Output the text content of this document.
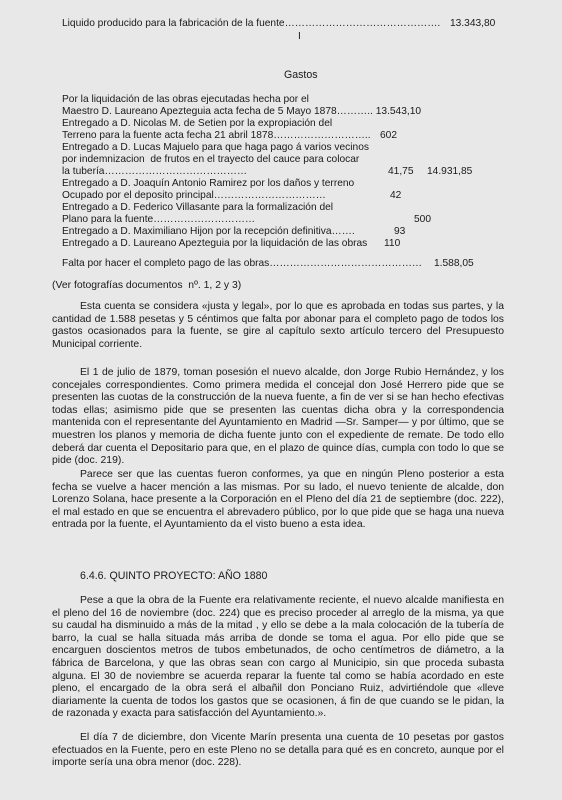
Liquido producido para la fabricación de la fuente………………………………………. 13.343,80
I
Gastos
Por la liquidación de las obras ejecutadas hecha por el
Maestro D. Laureano Apezteguia acta fecha de 5 Mayo 1878……….. 13.543,10
Entregado a D. Nicolas M. de Setien por la expropiación del
Terreno para la fuente acta fecha 21 abril 1878……………………….. 602
Entregado a D. Lucas Majuelo para que haga pago á varios vecinos
por indemnizacion  de frutos en el trayecto del cauce para colocar
la tubería……………………………………	41,75 14.931,85
Entregado a D. Joaquín Antonio Ramirez por los daños y terreno
Ocupado por el deposito principal……………………………	42
Entregado a D. Federico Villasante para la formalización del
Plano para la fuente…………………………	500
Entregado a D. Maximiliano Hijon por la recepción definitiva…….	93
Entregado a D. Laureano Apezteguia por la liquidación de las obras 110
Falta por hacer el completo pago de las obras……………………………………… 1.588,05
(Ver fotografías documentos  nº. 1, 2 y 3)

Esta cuenta se considera «justa y legal», por lo que es aprobada en todas sus partes, y la cantidad de 1.588 pesetas y 5 céntimos que falta por abonar para el completo pago de todos los gastos ocasionados para la fuente, se gire al capítulo sexto artículo tercero del Presupuesto Municipal corriente.

El 1 de julio de 1879, toman posesión el nuevo alcalde, don Jorge Rubio Hernández, y los concejales correspondientes. Como primera medida el concejal don José Herrero pide que se presenten las cuotas de la construcción de la nueva fuente, a fin de ver si se han hecho efectivas todas ellas; asimismo pide que se presenten las cuentas dicha obra y la correspondencia mantenida con el representante del Ayuntamiento en Madrid —Sr. Samper— y por último, que se muestren los planos y memoria de dicha fuente junto con el expediente de remate. De todo ello deberá dar cuenta el Depositario para que, en el plazo de quince días, cumpla con todo lo que se pide (doc. 219).

Parece ser que las cuentas fueron conformes, ya que en ningún Pleno posterior a esta fecha se vuelve a hacer mención a las mismas. Por su lado, el nuevo teniente de alcalde, don Lorenzo Solana, hace presente a la Corporación en el Pleno del día 21 de septiembre (doc. 222), el mal estado en que se encuentra el abrevadero público, por lo que pide que se haga una nueva entrada por la fuente, el Ayuntamiento da el visto bueno a esta idea.

6.4.6. QUINTO PROYECTO: AÑO 1880

Pese a que la obra de la Fuente era relativamente reciente, el nuevo alcalde manifiesta en el pleno del 16 de noviembre (doc. 224) que es preciso proceder al arreglo de la misma, ya que su caudal ha disminuido a más de la mitad , y ello se debe a la mala colocación de la tubería de barro, la cual se halla situada más arriba de donde se toma el agua. Por ello pide que se encarguen doscientos metros de tubos embetunados, de ocho centímetros de diámetro, a la fábrica de Barcelona, y que las obras sean con cargo al Municipio, sin que proceda subasta alguna. El 30 de noviembre se acuerda reparar la fuente tal como se había acordado en este pleno, el encargado de la obra será el albañil don Ponciano Ruiz, advirtiéndole que «lleve diariamente la cuenta de todos los gastos que se ocasionen, á fin de que cuando se le pidan, la de razonada y exacta para satisfacción del Ayuntamiento.».

El día 7 de diciembre, don Vicente Marín presenta una cuenta de 10 pesetas por gastos efectuados en la Fuente, pero en este Pleno no se detalla para qué es en concreto, aunque por el importe sería una obra menor (doc. 228).
